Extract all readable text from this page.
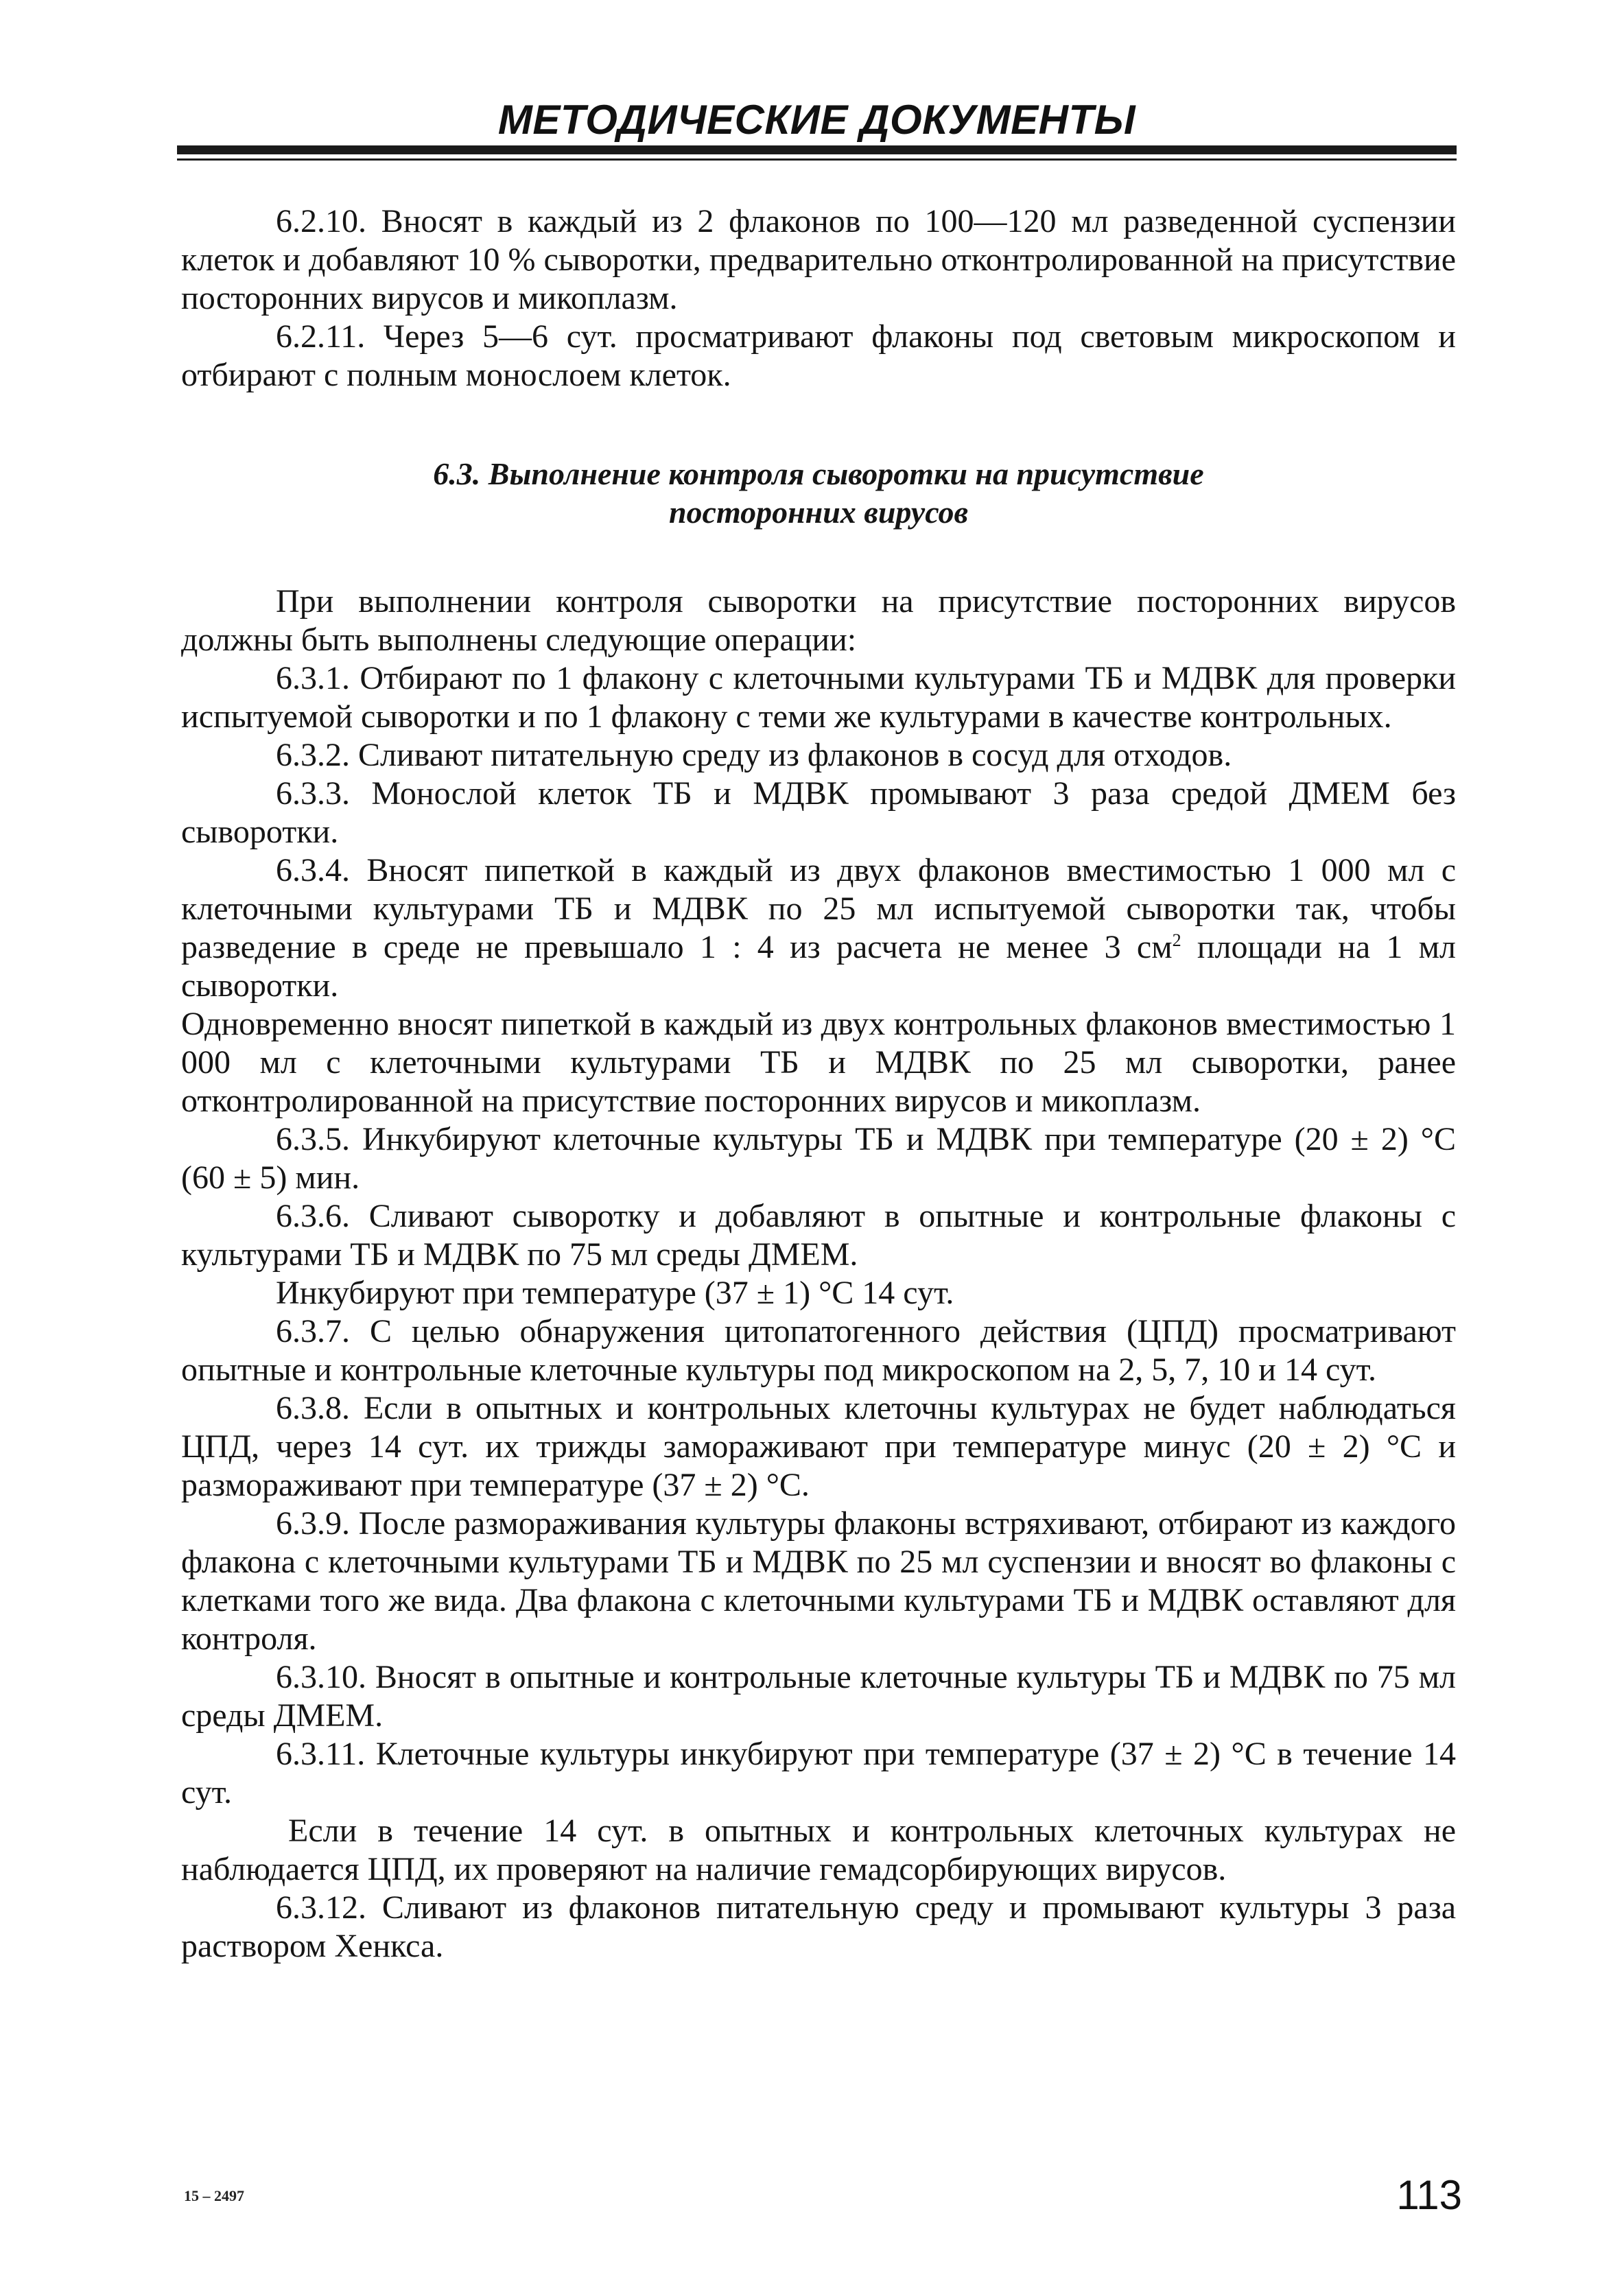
МЕТОДИЧЕСКИЕ ДОКУМЕНТЫ

6.2.10. Вносят в каждый из 2 флаконов по 100—120 мл разведенной суспензии клеток и добавляют 10 % сыворотки, предварительно отконтролированной на присутствие посторонних вирусов и микоплазм.

6.2.11. Через 5—6 сут. просматривают флаконы под световым микроскопом и отбирают с полным монослоем клеток.

6.3. Выполнение контроля сыворотки на присутствие
посторонних вирусов

При выполнении контроля сыворотки на присутствие посторонних вирусов должны быть выполнены следующие операции:

6.3.1. Отбирают по 1 флакону с клеточными культурами ТБ и МДВК для проверки испытуемой сыворотки и по 1 флакону с теми же культурами в качестве контрольных.

6.3.2. Сливают питательную среду из флаконов в сосуд для отходов.

6.3.3. Монослой клеток ТБ и МДВК промывают 3 раза средой ДМЕМ без сыворотки.

6.3.4. Вносят пипеткой в каждый из двух флаконов вместимостью 1 000 мл с клеточными культурами ТБ и МДВК по 25 мл испытуемой сыворотки так, чтобы разведение в среде не превышало 1 : 4 из расчета не менее 3 $см^2$ площади на 1 мл сыворотки.

Одновременно вносят пипеткой в каждый из двух контрольных флаконов вместимостью 1 000 мл с клеточными культурами ТБ и МДВК по 25 мл сыворотки, ранее отконтролированной на присутствие посторонних вирусов и микоплазм.

6.3.5. Инкубируют клеточные культуры ТБ и МДВК при температуре (20 ± 2) °С (60 ± 5) мин.

6.3.6. Сливают сыворотку и добавляют в опытные и контрольные флаконы с культурами ТБ и МДВК по 75 мл среды ДМЕМ.

Инкубируют при температуре (37 ± 1) °С 14 сут.

6.3.7. С целью обнаружения цитопатогенного действия (ЦПД) просматривают опытные и контрольные клеточные культуры под микроскопом на 2, 5, 7, 10 и 14 сут.

6.3.8. Если в опытных и контрольных клеточны культурах не будет наблюдаться ЦПД, через 14 сут. их трижды замораживают при температуре минус (20 ± 2) °С и размораживают при температуре (37 ± 2) °С.

6.3.9. После размораживания культуры флаконы встряхивают, отбирают из каждого флакона с клеточными культурами ТБ и МДВК по 25 мл суспензии и вносят во флаконы с клетками того же вида. Два флакона с клеточными культурами ТБ и МДВК оставляют для контроля.

6.3.10. Вносят в опытные и контрольные клеточные культуры ТБ и МДВК по 75 мл среды ДМЕМ.

6.3.11. Клеточные культуры инкубируют при температуре (37 ± 2) °С в течение 14 сут.

Если в течение 14 сут. в опытных и контрольных клеточных культурах не наблюдается ЦПД, их проверяют на наличие гемадсорбирующих вирусов.

6.3.12. Сливают из флаконов питательную среду и промывают культуры 3 раза раствором Хенкса.

15 – 2497	113
